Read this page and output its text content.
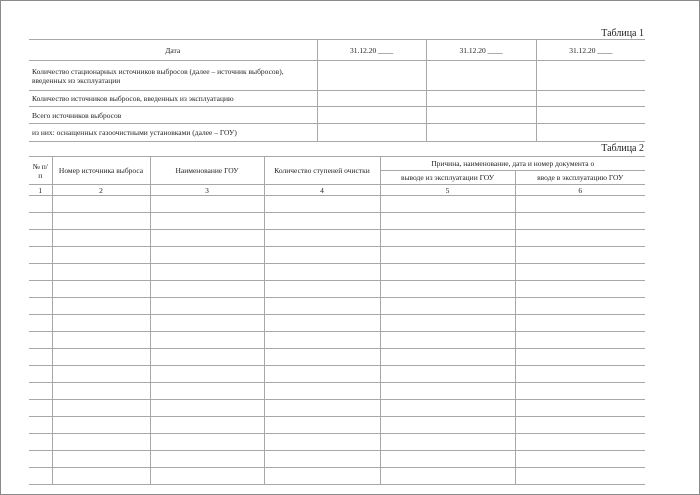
Таблица 1
Дата	31.12.20 ____	31.12.20 ____	31.12.20 ____
Количество стационарных источников выбросов (далее – источник выбросов), введенных из эксплуатации			
Количество источников выбросов, введенных из эксплуатацию			
Всего источников выбросов			
из них: оснащенных газоочистными установками (далее – ГОУ)			
Таблица 2
№ п/п	Номер источника выброса	Наименование ГОУ	Количество ступеней очистки	Причина, наименование, дата и номер документа о	
				выводе из эксплуатации ГОУ	вводе в эксплуатацию ГОУ
1	2	3	4	5	6
